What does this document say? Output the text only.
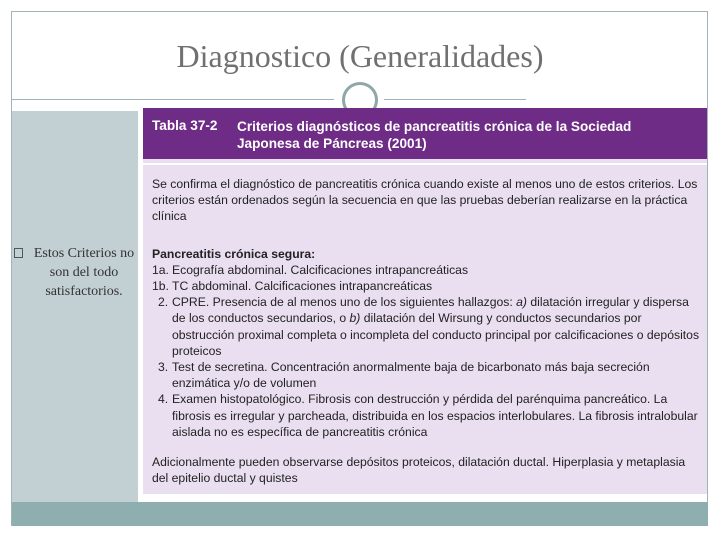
Diagnostico (Generalidades)
Estos Criterios no son del todo satisfactorios.
Tabla 37-2 Criterios diagnósticos de pancreatitis crónica de la Sociedad Japonesa de Páncreas (2001)

Se confirma el diagnóstico de pancreatitis crónica cuando existe al menos uno de estos criterios. Los criterios están ordenados según la secuencia en que las pruebas deberían realizarse en la práctica clínica

Pancreatitis crónica segura:

1a. Ecografía abdominal. Calcificaciones intrapancreáticas

1b. TC abdominal. Calcificaciones intrapancreáticas

2. CPRE. Presencia de al menos uno de los siguientes hallazgos: a) dilatación irregular y dispersa de los conductos secundarios, o b) dilatación del Wirsung y conductos secundarios por obstrucción proximal completa o incompleta del conducto principal por calcificaciones o depósitos proteicos

3. Test de secretina. Concentración anormalmente baja de bicarbonato más baja secreción enzimática y/o de volumen

4. Examen histopatológico. Fibrosis con destrucción y pérdida del parénquima pancreático. La fibrosis es irregular y parcheada, distribuida en los espacios interlobulares. La fibrosis intralobular aislada no es específica de pancreatitis crónica

Adicionalmente pueden observarse depósitos proteicos, dilatación ductal. Hiperplasia y metaplasia del epitelio ductal y quistes
